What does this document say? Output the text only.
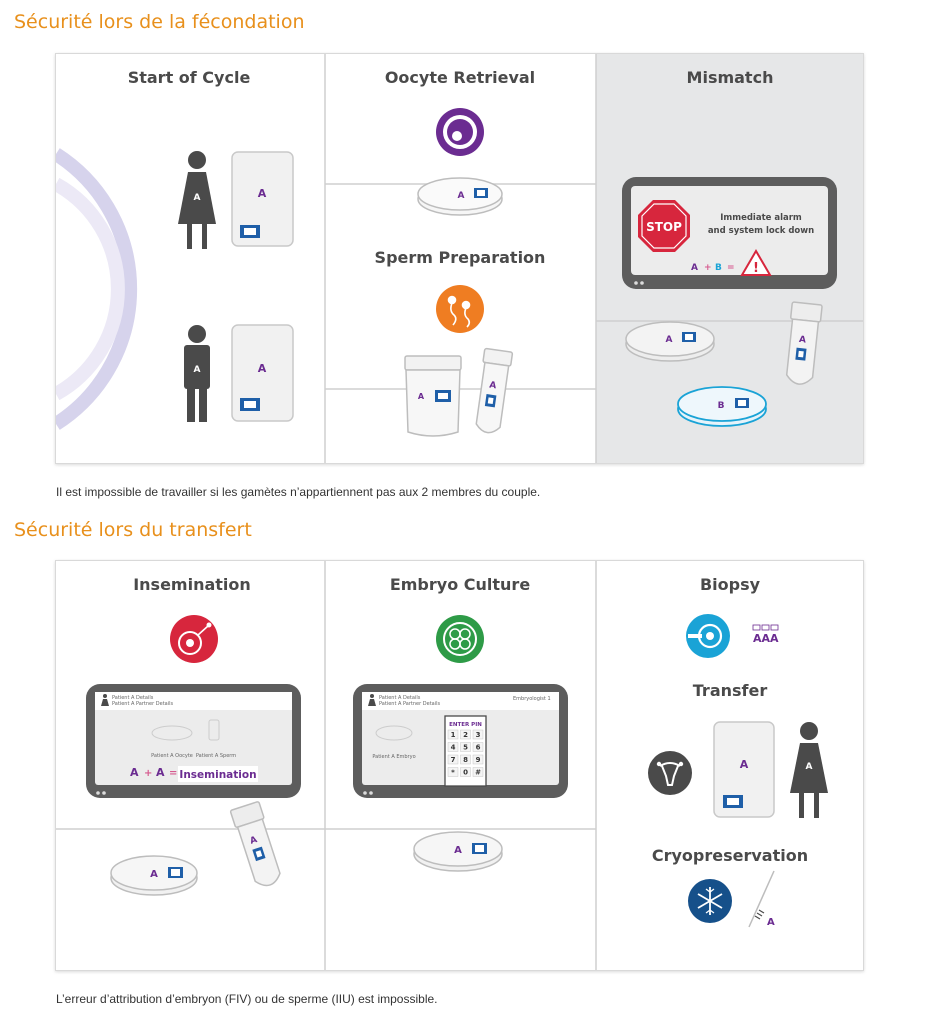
Sécurité lors de la fécondation
Start of Cycle	Oocyte Retrieval
Sperm Preparation
Mismatch
A	A
A	A
A
A
A
STOP
Immediate alarm
and system lock down
A + B = !
A	A
B
Il est impossible de travailler si les gamètes n’appartiennent pas aux 2 membres du couple.
Sécurité lors du transfert
Insemination	Embryo Culture	Biopsy
Transfer
Cryopreservation
Patient A Details
Patient A Partner Details
Patient A Oocyte Patient A Sperm
A + A = Insemination
A
A
Patient A Details
Patient A Partner Details
Embryologist 1
Patient A Embryo
ENTER PIN
1 2 3
4 5 6
7 8 9
* 0 #
A
AAA
A	A
A
L’erreur d’attribution d’embryon (FIV) ou de sperme (IIU) est impossible.
